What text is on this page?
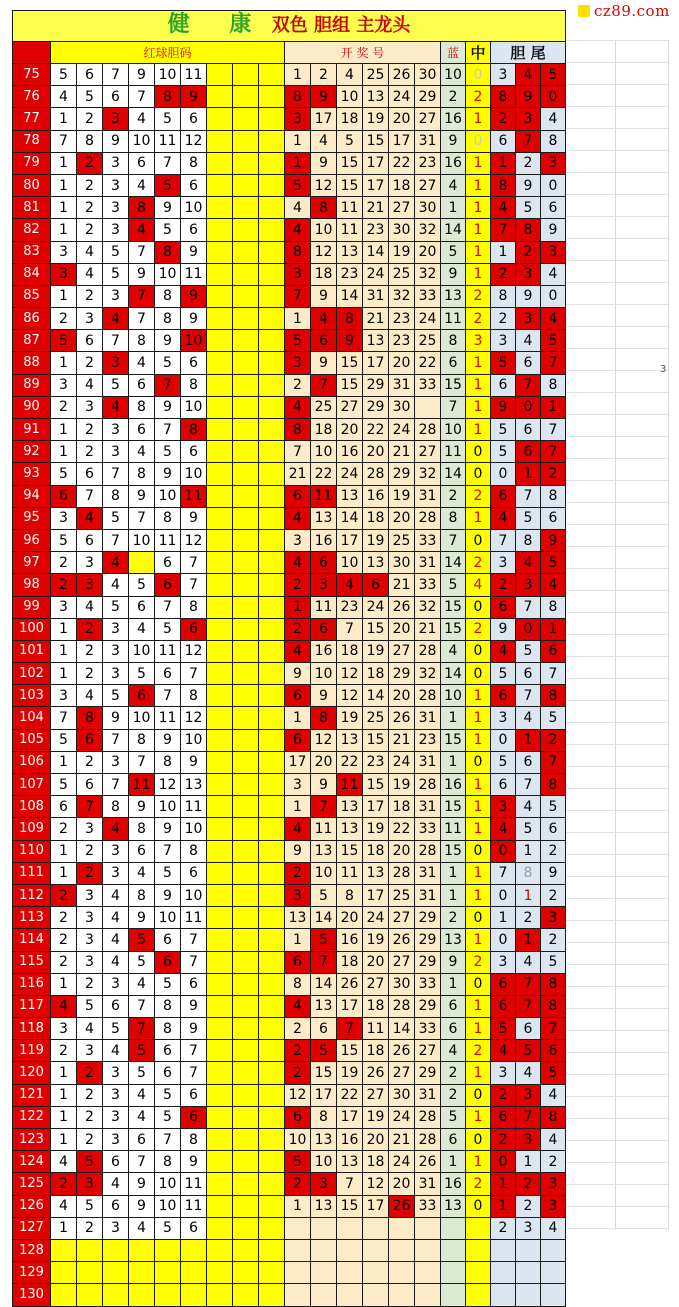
cz89.com
3
健 康 双色 胆组 主龙头																				
	红球胆码									开 奖 号						蓝	中	胆 尾		
75	5	6	7	9	10	11				1	2	4	25	26	30	10	0	3	4	5
76	4	5	6	7	8	9				8	9	10	13	24	29	2	2	8	9	0
77	1	2	3	4	5	6				3	17	18	19	20	27	16	1	2	3	4
78	7	8	9	10	11	12				1	4	5	15	17	31	9	0	6	7	8
79	1	2	3	6	7	8				1	9	15	17	22	23	16	1	1	2	3
80	1	2	3	4	5	6				5	12	15	17	18	27	4	1	8	9	0
81	1	2	3	8	9	10				4	8	11	21	27	30	1	1	4	5	6
82	1	2	3	4	5	6				4	10	11	23	30	32	14	1	7	8	9
83	3	4	5	7	8	9				8	12	13	14	19	20	5	1	1	2	3
84	3	4	5	9	10	11				3	18	23	24	25	32	9	1	2	3	4
85	1	2	3	7	8	9				7	9	14	31	32	33	13	2	8	9	0
86	2	3	4	7	8	9				1	4	8	21	23	24	11	2	2	3	4
87	5	6	7	8	9	10				5	6	9	13	23	25	8	3	3	4	5
88	1	2	3	4	5	6				3	9	15	17	20	22	6	1	5	6	7
89	3	4	5	6	7	8				2	7	15	29	31	33	15	1	6	7	8
90	2	3	4	8	9	10				4	25	27	29	30		7	1	9	0	1
91	1	2	3	6	7	8				8	18	20	22	24	28	10	1	5	6	7
92	1	2	3	4	5	6				7	10	16	20	21	27	11	0	5	6	7
93	5	6	7	8	9	10				21	22	24	28	29	32	14	0	0	1	2
94	6	7	8	9	10	11				6	11	13	16	19	31	2	2	6	7	8
95	3	4	5	7	8	9				4	13	14	18	20	28	8	1	4	5	6
96	5	6	7	10	11	12				3	16	17	19	25	33	7	0	7	8	9
97	2	3	4		6	7				4	6	10	13	30	31	14	2	3	4	5
98	2	3	4	5	6	7				2	3	4	6	21	33	5	4	2	3	4
99	3	4	5	6	7	8				1	11	23	24	26	32	15	0	6	7	8
100	1	2	3	4	5	6				2	6	7	15	20	21	15	2	9	0	1
101	1	2	3	10	11	12				4	16	18	19	27	28	4	0	4	5	6
102	1	2	3	5	6	7				9	10	12	18	29	32	14	0	5	6	7
103	3	4	5	6	7	8				6	9	12	14	20	28	10	1	6	7	8
104	7	8	9	10	11	12				1	8	19	25	26	31	1	1	3	4	5
105	5	6	7	8	9	10				6	12	13	15	21	23	15	1	0	1	2
106	1	2	3	7	8	9				17	20	22	23	24	31	1	0	5	6	7
107	5	6	7	11	12	13				3	9	11	15	19	28	16	1	6	7	8
108	6	7	8	9	10	11				1	7	13	17	18	31	15	1	3	4	5
109	2	3	4	8	9	10				4	11	13	19	22	33	11	1	4	5	6
110	1	2	3	6	7	8				9	13	15	18	20	28	15	0	0	1	2
111	1	2	3	4	5	6				2	10	11	13	28	31	1	1	7	8	9
112	2	3	4	8	9	10				3	5	8	17	25	31	1	1	0	1	2
113	2	3	4	9	10	11				13	14	20	24	27	29	2	0	1	2	3
114	2	3	4	5	6	7				1	5	16	19	26	29	13	1	0	1	2
115	2	3	4	5	6	7				6	7	18	20	27	29	9	2	3	4	5
116	1	2	3	4	5	6				8	14	26	27	30	33	1	0	6	7	8
117	4	5	6	7	8	9				4	13	17	18	28	29	6	1	6	7	8
118	3	4	5	7	8	9				2	6	7	11	14	33	6	1	5	6	7
119	2	3	4	5	6	7				2	5	15	18	26	27	4	2	4	5	6
120	1	2	3	5	6	7				2	15	19	26	27	29	2	1	3	4	5
121	1	2	3	4	5	6				12	17	22	27	30	31	2	0	2	3	4
122	1	2	3	4	5	6				6	8	17	19	24	28	5	1	6	7	8
123	1	2	3	6	7	8				10	13	16	20	21	28	6	0	2	3	4
124	4	5	6	7	8	9				5	10	13	18	24	26	1	1	0	1	2
125	2	3	4	9	10	11				2	3	7	12	20	31	16	2	1	2	3
126	4	5	6	9	10	11				1	13	15	17	26	33	13	0	1	2	3
127	1	2	3	4	5	6												2	3	4
128																				
129																				
130																				
